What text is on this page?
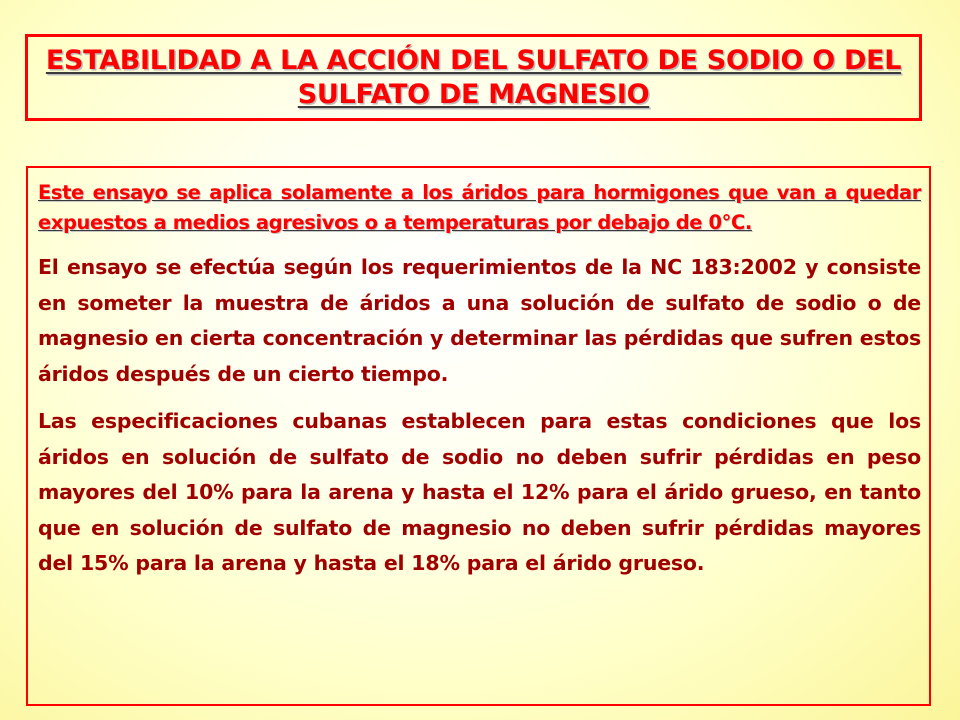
ESTABILIDAD A LA ACCIÓN DEL SULFATO DE SODIO O DEL SULFATO DE MAGNESIO

Este ensayo se aplica solamente a los áridos para hormigones que van a quedar expuestos a medios agresivos o a temperaturas por debajo de 0°C.

El ensayo se efectúa según los requerimientos de la NC 183:2002 y consiste en someter la muestra de áridos a una solución de sulfato de sodio o de magnesio en cierta concentración y determinar las pérdidas que sufren estos áridos después de un cierto tiempo.

Las especificaciones cubanas establecen para estas condiciones que los áridos en solución de sulfato de sodio no deben sufrir pérdidas en peso mayores del 10% para la arena y hasta el 12% para el árido grueso, en tanto que en solución de sulfato de magnesio no deben sufrir pérdidas mayores del 15% para la arena y hasta el 18% para el árido grueso.
